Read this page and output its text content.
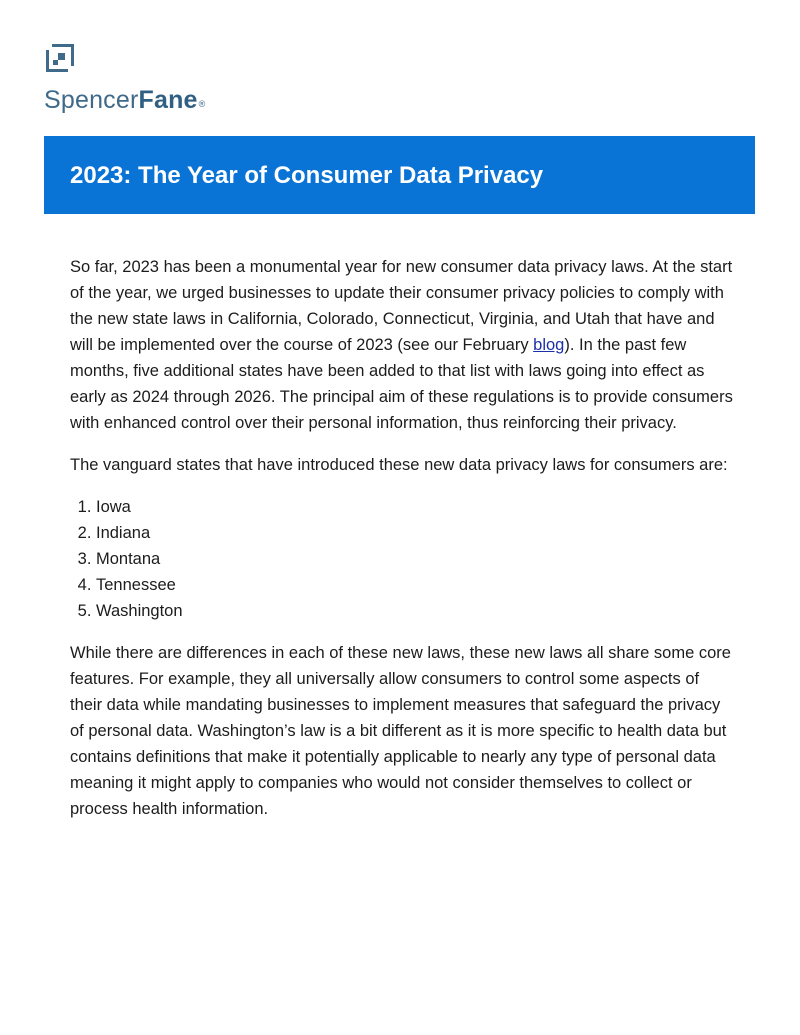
SpencerFane®
2023: The Year of Consumer Data Privacy

So far, 2023 has been a monumental year for new consumer data privacy laws. At the start of the year, we urged businesses to update their consumer privacy policies to comply with the new state laws in California, Colorado, Connecticut, Virginia, and Utah that have and will be implemented over the course of 2023 (see our February blog). In the past few months, five additional states have been added to that list with laws going into effect as early as 2024 through 2026. The principal aim of these regulations is to provide consumers with enhanced control over their personal information, thus reinforcing their privacy.

The vanguard states that have introduced these new data privacy laws for consumers are:

1. Iowa
2. Indiana
3. Montana
4. Tennessee
5. Washington

While there are differences in each of these new laws, these new laws all share some core features. For example, they all universally allow consumers to control some aspects of their data while mandating businesses to implement measures that safeguard the privacy of personal data. Washington’s law is a bit different as it is more specific to health data but contains definitions that make it potentially applicable to nearly any type of personal data meaning it might apply to companies who would not consider themselves to collect or process health information.
